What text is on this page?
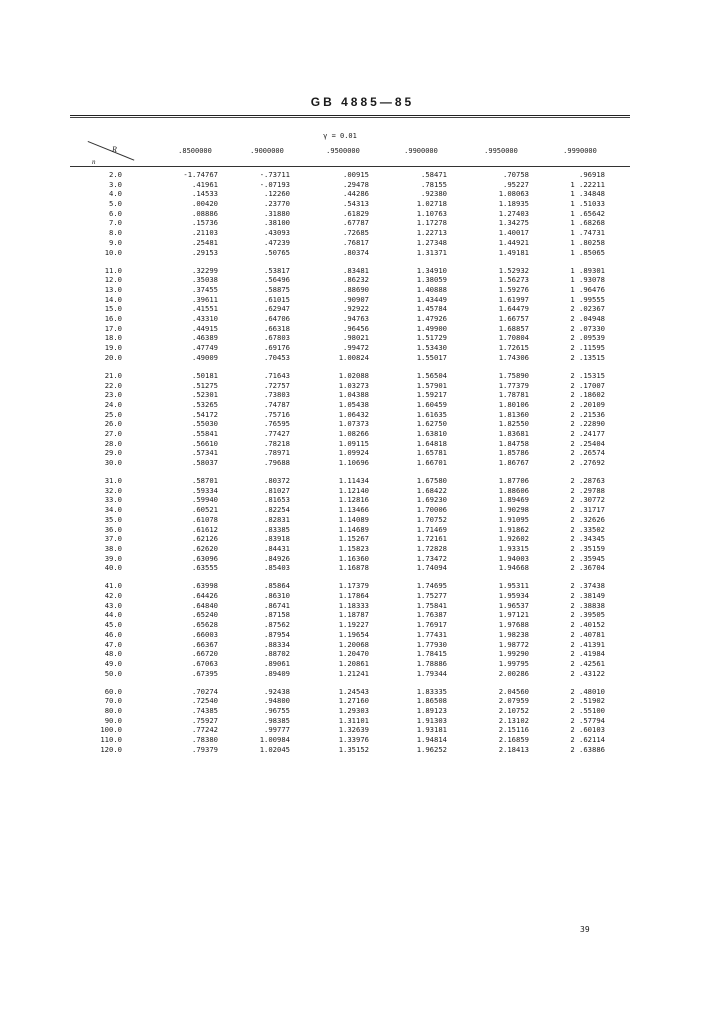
GB 4885—85
γ = 0.01
R
n
.8500000	.9000000	.9500000	.9900000	.9950000	.9990000
2.0	-1.74767	-.73711	.00915	.58471	.70758	.96918
3.0	.41961	-.07193	.29478	.78155	.95227	1 .22211
4.0	.14533	.12260	.44286	.92380	1.08063	1 .34848
5.0	.00420	.23770	.54313	1.02718	1.18935	1 .51033
6.0	.08886	.31880	.61829	1.10763	1.27403	1 .65642
7.0	.15736	.38100	.67787	1.17278	1.34275	1 .68268
8.0	.21103	.43093	.72685	1.22713	1.40017	1 .74731
9.0	.25481	.47239	.76817	1.27348	1.44921	1 .80258
10.0	.29153	.50765	.80374	1.31371	1.49181	1 .85065
11.0	.32299	.53817	.83481	1.34910	1.52932	1 .89301
12.0	.35038	.56496	.86232	1.38059	1.56273	1 .93078
13.0	.37455	.58875	.88690	1.40888	1.59276	1 .96476
14.0	.39611	.61015	.90907	1.43449	1.61997	1 .99555
15.0	.41551	.62947	.92922	1.45784	1.64479	2 .02367
16.0	.43310	.64706	.94763	1.47926	1.66757	2 .04948
17.0	.44915	.66318	.96456	1.49900	1.68857	2 .07330
18.0	.46389	.67803	.98021	1.51729	1.70804	2 .09539
19.0	.47749	.69176	.99472	1.53430	1.72615	2 .11595
20.0	.49009	.70453	1.00824	1.55017	1.74306	2 .13515
21.0	.50181	.71643	1.02088	1.56504	1.75890	2 .15315
22.0	.51275	.72757	1.03273	1.57901	1.77379	2 .17007
23.0	.52301	.73803	1.04388	1.59217	1.78781	2 .18602
24.0	.53265	.74787	1.05438	1.60459	1.80106	2 .20109
25.0	.54172	.75716	1.06432	1.61635	1.81360	2 .21536
26.0	.55030	.76595	1.07373	1.62750	1.82550	2 .22890
27.0	.55841	.77427	1.08266	1.63810	1.83681	2 .24177
28.0	.56610	.78218	1.09115	1.64818	1.84758	2 .25404
29.0	.57341	.78971	1.09924	1.65781	1.85786	2 .26574
30.0	.58037	.79688	1.10696	1.66701	1.86767	2 .27692
31.0	.58701	.80372	1.11434	1.67580	1.87706	2 .28763
32.0	.59334	.81027	1.12140	1.68422	1.88606	2 .29788
33.0	.59940	.81653	1.12816	1.69230	1.89469	2 .30772
34.0	.60521	.82254	1.13466	1.70006	1.90298	2 .31717
35.0	.61078	.82831	1.14089	1.70752	1.91095	2 .32626
36.0	.61612	.83385	1.14689	1.71469	1.91862	2 .33502
37.0	.62126	.83918	1.15267	1.72161	1.92602	2 .34345
38.0	.62620	.84431	1.15823	1.72828	1.93315	2 .35159
39.0	.63096	.84926	1.16360	1.73472	1.94003	2 .35945
40.0	.63555	.85403	1.16878	1.74094	1.94668	2 .36704
41.0	.63998	.85864	1.17379	1.74695	1.95311	2 .37438
42.0	.64426	.86310	1.17864	1.75277	1.95934	2 .38149
43.0	.64840	.86741	1.18333	1.75841	1.96537	2 .38838
44.0	.65240	.87158	1.18787	1.76387	1.97121	2 .39505
45.0	.65628	.87562	1.19227	1.76917	1.97688	2 .40152
46.0	.66003	.87954	1.19654	1.77431	1.98238	2 .40781
47.0	.66367	.88334	1.20068	1.77930	1.98772	2 .41391
48.0	.66720	.88702	1.20470	1.78415	1.99290	2 .41984
49.0	.67063	.89061	1.20861	1.78886	1.99795	2 .42561
50.0	.67395	.89409	1.21241	1.79344	2.00286	2 .43122
60.0	.70274	.92438	1.24543	1.83335	2.04560	2 .48010
70.0	.72540	.94800	1.27160	1.86508	2.07959	2 .51902
80.0	.74385	.96755	1.29303	1.89123	2.10752	2 .55100
90.0	.75927	.98385	1.31101	1.91303	2.13102	2 .57794
100.0	.77242	.99777	1.32639	1.93181	2.15116	2 .60103
110.0	.78380	1.00984	1.33976	1.94814	2.16859	2 .62114
120.0	.79379	1.02045	1.35152	1.96252	2.18413	2 .63886
39
